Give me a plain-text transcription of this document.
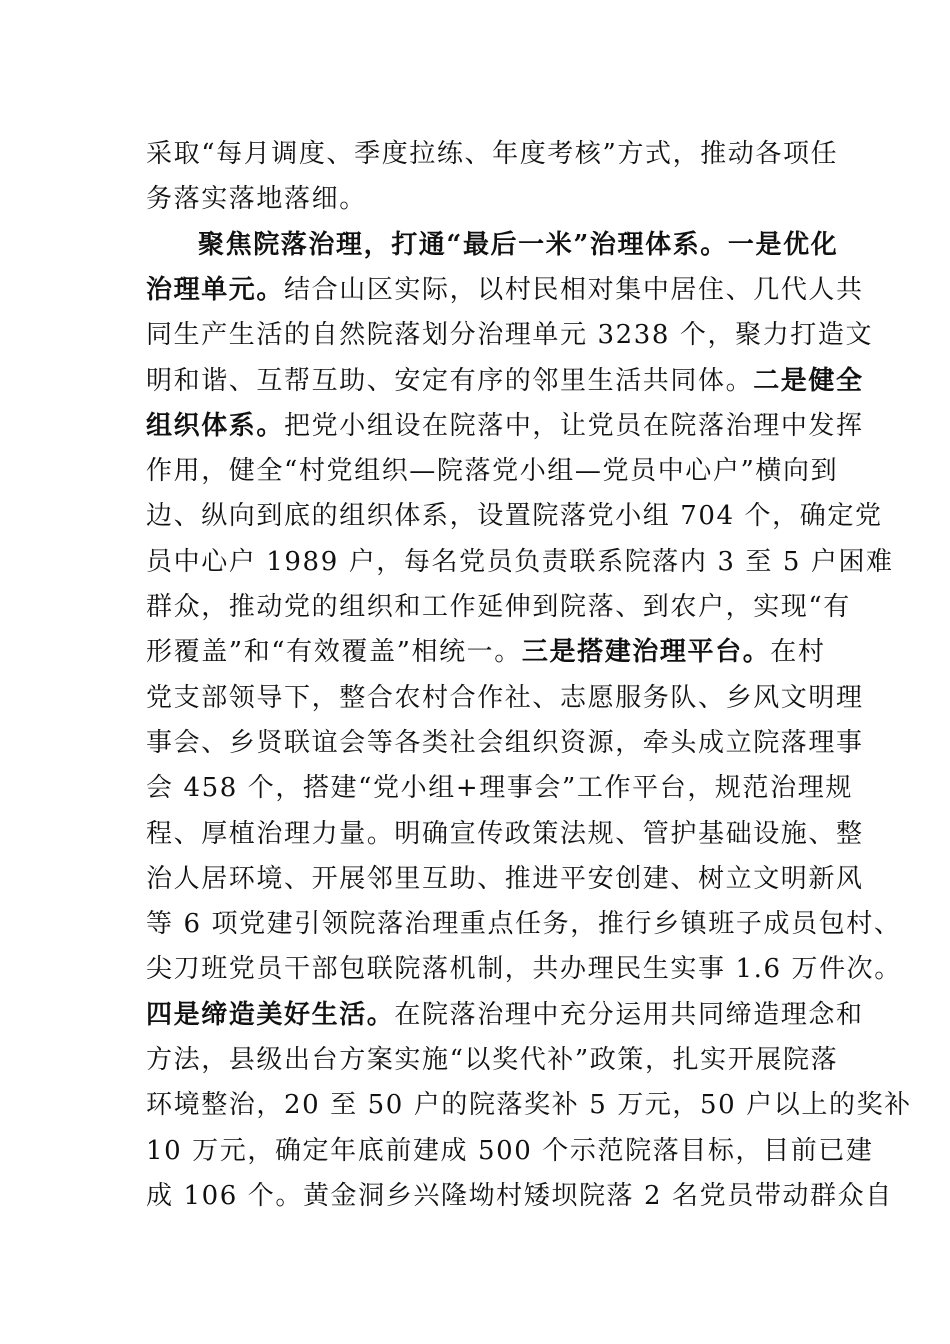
采取“每月调度、季度拉练、年度考核”方式，推动各项任
务落实落地落细。
聚焦院落治理，打通“最后一米”治理体系。一是优化
治理单元。结合山区实际，以村民相对集中居住、几代人共
同生产生活的自然院落划分治理单元 3238 个，聚力打造文
明和谐、互帮互助、安定有序的邻里生活共同体。二是健全
组织体系。把党小组设在院落中，让党员在院落治理中发挥
作用，健全“村党组织—院落党小组—党员中心户”横向到
边、纵向到底的组织体系，设置院落党小组 704 个，确定党
员中心户 1989 户，每名党员负责联系院落内 3 至 5 户困难
群众，推动党的组织和工作延伸到院落、到农户，实现“有
形覆盖”和“有效覆盖”相统一。三是搭建治理平台。在村
党支部领导下，整合农村合作社、志愿服务队、乡风文明理
事会、乡贤联谊会等各类社会组织资源，牵头成立院落理事
会 458 个，搭建“党小组+理事会”工作平台，规范治理规
程、厚植治理力量。明确宣传政策法规、管护基础设施、整
治人居环境、开展邻里互助、推进平安创建、树立文明新风
等 6 项党建引领院落治理重点任务，推行乡镇班子成员包村、
尖刀班党员干部包联院落机制，共办理民生实事 1.6 万件次。
四是缔造美好生活。在院落治理中充分运用共同缔造理念和
方法，县级出台方案实施“以奖代补”政策，扎实开展院落
环境整治，20 至 50 户的院落奖补 5 万元，50 户以上的奖补
10 万元，确定年底前建成 500 个示范院落目标，目前已建
成 106 个。黄金洞乡兴隆坳村矮坝院落 2 名党员带动群众自
